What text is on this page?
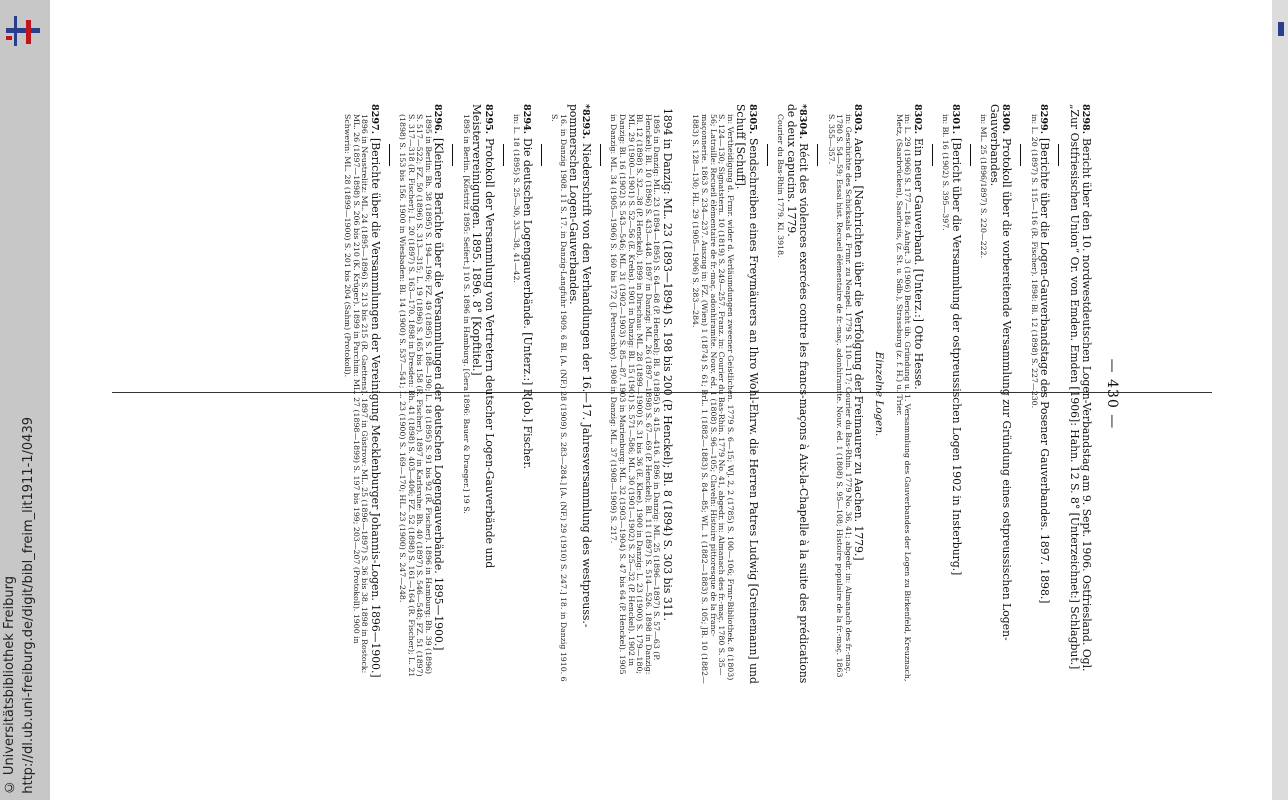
© Universitätsbibliothek Freiburg http://dl.ub.uni-freiburg.de/digit/bibl_freim_lit1911-1/0439
— 430 —
8298.Bericht über den 10. nordwestdeutschen Logen-Verbandstag am 9. Sept. 1906. Ostfriesland. Ogl. „Zur Ostfriesischen Union“ Or. von Emden. Emden [1906]: Hahn. 12 S. 8° [Unterzeichnet:] Schlagbut.]
8299.[Berichte über die Logen-Gauverbandstage des Posener Gauverbandes. 1897. 1898.]
in: L. 20 (1897) S. 115—116 (R. Fischer). 1898: Bl. 12 (1898) S. 227—230.
8300.Protokoll über die vorbereitende Versammlung zur Gründung eines ostpreussischen Logen-Gauverbandes.
in: ML. 25 (1896/1897) S. 220—222.
8301.[Bericht über die Versammlung der ostpreussischen Logen 1902 in Insterburg.]
in: Bl. 16 (1902) S. 395—397.
8302.Ein neuer Gauverband. [Unterz.:] Otto Hesse.
in: L. 29 (1906) S. 177—184: Anhgt. 3 (1906) Bericht üb. Gründung u. 1. Versammlung des Gauverbandes der Logen zu Birkenfeld, Kreuznach, Metz, (Saarbrücken), Saarlouis, (z. St. u. Sdb.), Strassburg (z. f. H.) u. Trier.
Einzelne Logen.
8303.Aachen. [Nachrichten über die Verfolgung der Freimaurer zu Aachen. 1779.]
in: Geschichte des Schicksals d. Frmr. zu Neapel. 1779 S. 110—117; Courier du Bas-Rhin. 1779 No. 36, 41; abgedr. in: Almanach des fr.-maç. 1780 S. 54—59; Essai hist. Recueil élémentaire de fr.-maç. adonhiramite. Nouv. éd. 1 (1808) S. 95—108; Histoire populaire de la fr.-maç. 1863 S. 355—357.
*8304.Récit des violences exercées contre les francs-maçons à Aix-la-Chapelle à la suite des prédications de deux capucins. 1779.
Courier du Bas-Rhin 1779. Kl. 3918.
8305.Sendschreiben eines Freymäurers an Ihro Wohl-Ehrw. die Herren Patres Ludwig [Greinemann] und Schuff [Schuff].
in: Vertheidigung d. Frmr. wider d. Verläumdungen zweener Geistlichen. 1779 S. 6—15; WJ. 2, 2 (1785) S. 100—106; Frmr-Bibliothek. 8 (1803) S. 124—130; Signatstern. 10 (1819) S. 249—257. Franz. in: Courier du Bas-Rhin. 1779 No. 41, abgedr. in: Almanach des fr.-maç. 1780 S. 35—56; Latraille: Recueil élémentaire de fr.-maç. adonhiramite. Nouv. éd. 1 (1808) S. 96—105; Claveln: Histoire pittoresque de la franc-maçonnerie. 1863 S. 234—237. Auszug in: FZ. (Wien) 1 (1874) S. 61; BrL. 1 (1882—1883) S. 84—85; WL. 1 (1882—1883) S. 105; JB. 10 (1882—1883) S. 128—130; HL. 29 (1905—1906) S. 283—284.
1894 in Danzig: ML. 23 (1893—1894) S. 198 bis 200 (P. Henckel); Bl. 8 (1894) S. 303 bis 311.
1895 in Danzig: ML. 23 (1894—1895) S. 64—68 (P. Henckel); Bl. 9 (1895) S. 415—416. 1896 in Danzig: ML. 25 (1896—1897) S. 57—63 (P. Henckel); Bl. 10 (1896) S. 433—448. 1897 in Danzig: ML. 26 (1897—1898) S. 67—69 (P. Henckel); Bl. 11 (1897) S. 514—526. 1898 in Danzig: Bl. 12 (1898) S. 32—38 (P. Henckel). 1899 in Dirschau: ML. 28 (1899—1900) S. 31 bis 36 (E. Klee). 1900 in Danzig: L. 23 (1900) S. 179—180; ML. 29 (1900—1901) S. 52—56 (E. Krebs). 1901 in Danzig: Bl. 15 (1901) S. 571—586; ML. 30 (1901—1902) S. 25—32 (P. Henckel). 1902 in Danzig: Bl. 16 (1902) S. 543—546; ML. 31 (1902—1903) S. 85—87. 1903 in Marienburg: ML. 32 (1903—1904) S. 47 bis 64 (P. Henckel). 1905 in Danzig: ML. 34 (1905—1906) S. 160 bis 172 (J. Petruschky). 1908 in Danzig: ML. 37 (1908—1909) S. 217.
*8293.Niederschrift von den Verhandlungen der 16.—17. Jahresversammlung des westpreuss.-pommerschen Logen-Gauverbandes.
16. in Danzig 1908. 11 S. 17. in Danzig-Langfuhr 1909. 6 Bl. [A. (NF.) 28 (1909) S. 283—284.] [A. (NF.) 29 (1910) S. 247.] 18. in Danzig 1910. 6 S.
8294.Die deutschen Logengauverbände. [Unterz.:] R[ob.] Fischer.
in: L. 18 (1895) S. 25—30, 33—38, 41—42.
8295.Protokoll der Versammlung von Vertretern deutscher Logen-Gauverbände und Meistervereinigungen. 1895. 1896. 8° [Kopftitel.]
1895 in Berlin. [Köstritz 1895: Seifert.] 10 S. 1896 in Hamburg. [Gera 1896: Bauer & Draeger.] 19 S.
8296.[Kleinere Berichte über die Versammlungen der deutschen Logengauverbände. 1895—1900.]
1895 in Berlin: Bh. 38 (1895) S. 194—196; FZ. 49 (1895) S. 188—190; L. 18 (1895) S. 91 bis 92 (R. Fischer). 1896 in Hamburg: Bh. 39 (1896) S. 517—522; FZ. 50 (1896) S. 313—315; L. 19 (1896) S. 165 bis 158 (R. Fischer). 1897 in Karlsruhe: Bh. 40 (1897) S. 546—548; FZ. 51 (1897) S. 317—318 (R. Fischer); L. 20 (1897) S. 163—170. 1898 in Dresden: Bh. 41 (1898) S. 403—406; FZ. 52 (1898) S. 161—164 (R. Fischer); L. 21 (1898) S. 153 bis 156. 1900 in Wiesbaden: Bl. 14 (1900) S. 537—541; L. 23 (1900) S. 169—170; HL. 23 (1900) S. 247—248.
8297.[Berichte über die Versammlungen der Vereinigung Mecklenburger Johannis-Logen. 1896—1900.]
1896 in Neustrelitz: ML. 24 (1895—1896) S. 213 bis 215 (R. Gaettens). 1897 in Güstrow: ML. 25 (1896—1897) S. 36 bis 38. 1898 in Rostock: ML. 26 (1897—1898) S. 206 bis 210 (K. Krüger). 1899 in Parchim: ML. 27 (1898—1899) S. 197 bis 199; 203—207 (Protokoll). 1900 in Schwerin: ML. 28 (1899—1900) S. 201 bis 204 (Sahm) (Protokoll).
